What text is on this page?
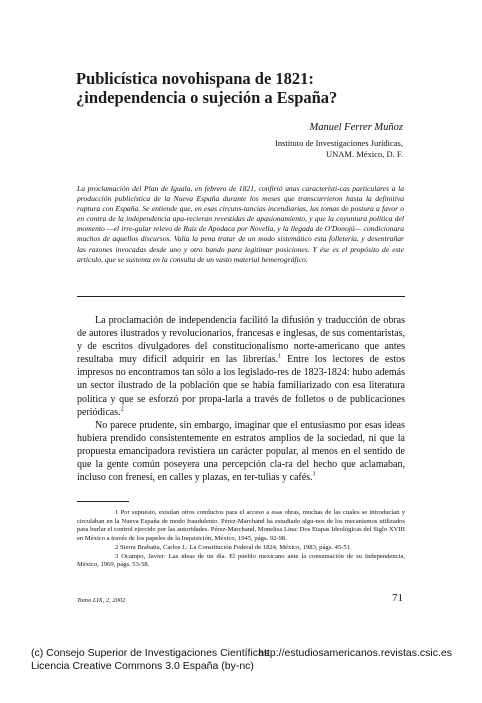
Publicística novohispana de 1821:
¿independencia o sujeción a España?
Manuel Ferrer Muñoz
Instituto de Investigaciones Jurídicas,
UNAM. México, D. F.
La proclamación del Plan de Iguala, en febrero de 1821, confirió unas característi-cas particulares a la producción publicística de la Nueva España durante los meses que transcurrieron hasta la definitiva ruptura con España. Se entiende que, en esas circuns-tancias incendiarias, las tomas de postura a favor o en contra de la independencia apa-recieran revestidas de apasionamiento, y que la coyuntura política del momento —el irre-gular relevo de Ruiz de Apodaca por Novella, y la llegada de O'Donojú— condicionara muchos de aquellos discursos. Valía la pena tratar de un modo sistemático esta folletería, y desentrañar las razones invocadas desde uno y otro bando para legitimar posiciones. Y ése es el propósito de este artículo, que se sustenta en la consulta de un vasto material hemerográfico.

La proclamación de independencia facilitó la difusión y traducción de obras de autores ilustrados y revolucionarios, francesas e inglesas, de sus comentaristas, y de escritos divulgadores del constitucionalismo norte-americano que antes resultaba muy difícil adquirir en las librerías.$^1$ Entre los lectores de estos impresos no encontramos tan sólo a los legislado-res de 1823-1824: hubo además un sector ilustrado de la población que se había familiarizado con esa literatura política y que se esforzó por propa-larla a través de folletos o de publicaciones periódicas.$^2$

No parece prudente, sin embargo, imaginar que el entusiasmo por esas ideas hubiera prendido consistentemente en estratos amplios de la sociedad, ni que la propuesta emancipadora revistiera un carácter popular, al menos en el sentido de que la gente común poseyera una percepción cla-ra del hecho que aclamaban, incluso con frenesí, en calles y plazas, en ter-tulias y cafés.$^3$

1 Por supuesto, existían otros conductos para el acceso a esas obras, muchas de las cuales se introducían y circulaban en la Nueva España de modo fraudulento. Pérez-Marchand ha estudiado algu-nos de los mecanismos utilizados para burlar el control ejercido por las autoridades. Pérez-Marchand, Monelisa Lina: Dos Etapas Ideológicas del Siglo XVIII en México a través de los papeles de la Inquisición, México, 1945, págs. 92-98.

2 Sierra Brabatta, Carlos J.: La Constitución Federal de 1824, México, 1983, págs. 45-51.

3 Ocampo, Javier: Las ideas de un día. El pueblo mexicano ante la consumación de su Independencia, México, 1969, págs. 53-58.

Tomo LIX, 2, 2002	71
(c) Consejo Superior de Investigaciones Científicas
Licencia Creative Commons 3.0 España (by-nc)
http://estudiosamericanos.revistas.csic.es
